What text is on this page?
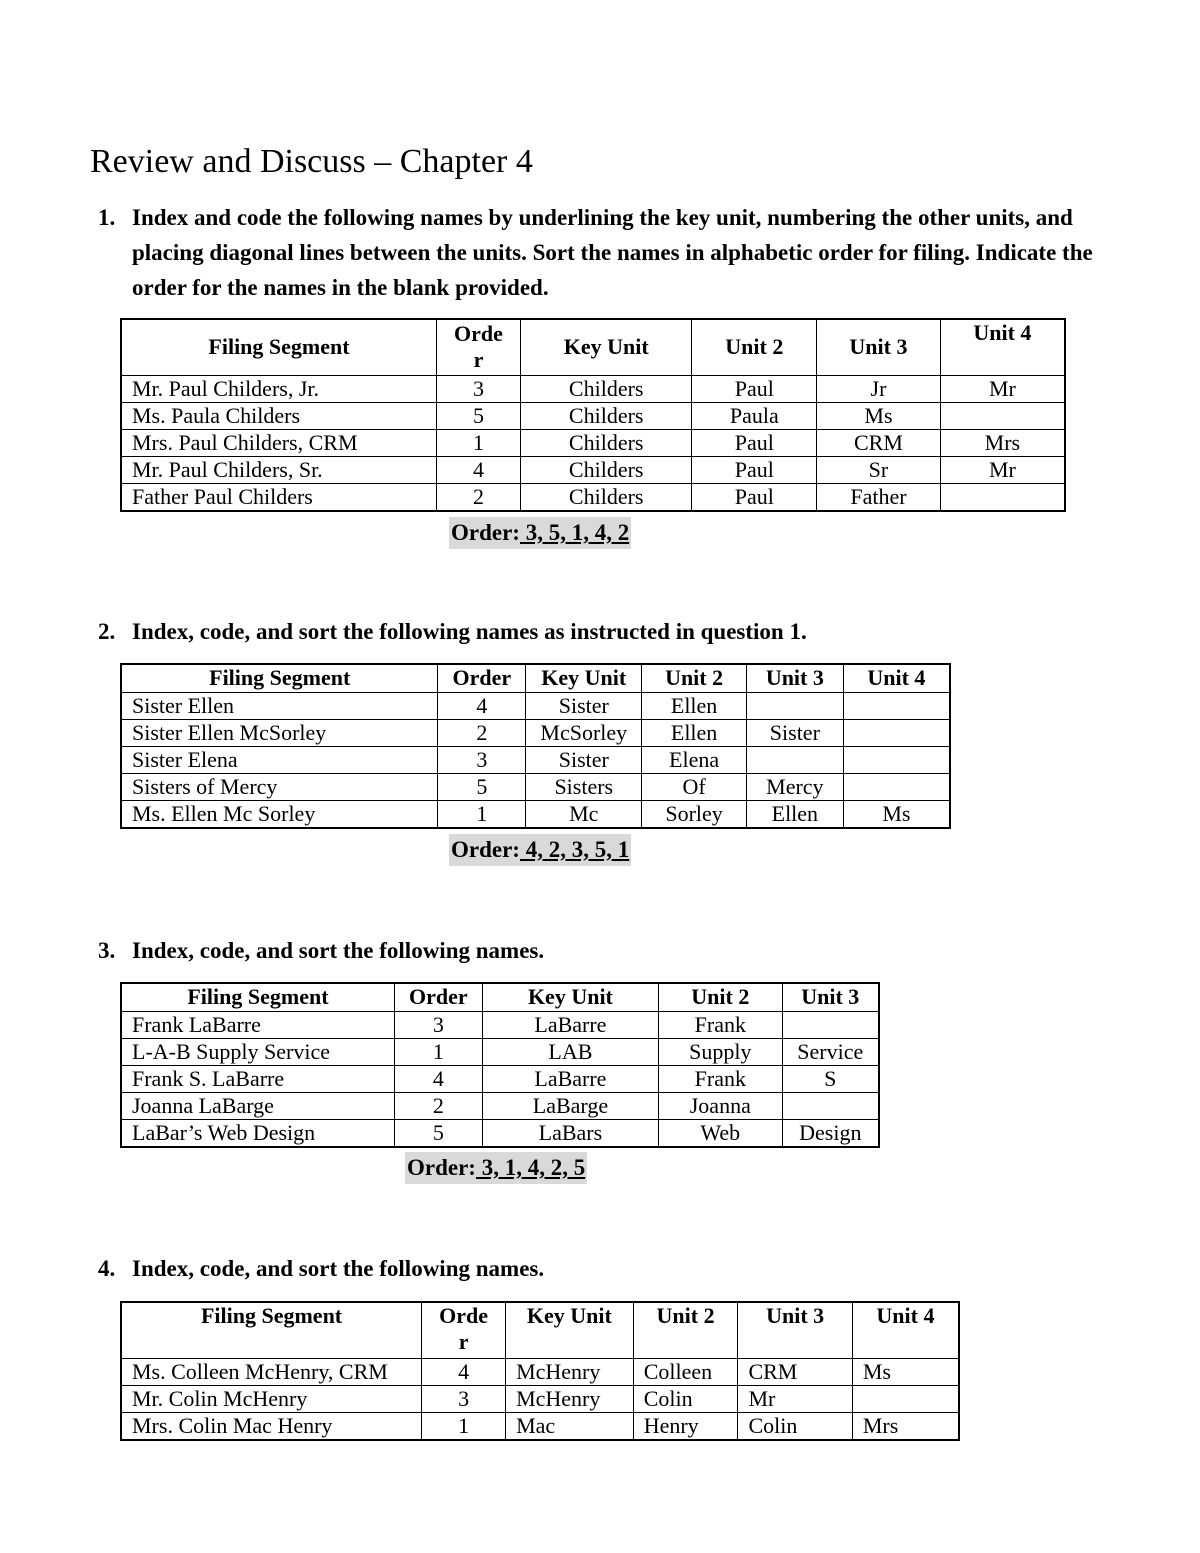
Review and Discuss – Chapter 4
1. Index and code the following names by underlining the key unit, numbering the other units, and placing diagonal lines between the units. Sort the names in alphabetic order for filing. Indicate the order for the names in the blank provided.
Filing Segment	Orde r	Key Unit	Unit 2	Unit 3	Unit 4
Mr. Paul Childers, Jr.	3	Childers	Paul	Jr	Mr
Ms. Paula Childers	5	Childers	Paula	Ms	
Mrs. Paul Childers, CRM	1	Childers	Paul	CRM	Mrs
Mr. Paul Childers, Sr.	4	Childers	Paul	Sr	Mr
Father Paul Childers	2	Childers	Paul	Father	
Order: 3, 5, 1, 4, 2
2. Index, code, and sort the following names as instructed in question 1.
Filing Segment	Order	Key Unit	Unit 2	Unit 3	Unit 4
Sister Ellen	4	Sister	Ellen		
Sister Ellen McSorley	2	McSorley	Ellen	Sister	
Sister Elena	3	Sister	Elena		
Sisters of Mercy	5	Sisters	Of	Mercy	
Ms. Ellen Mc Sorley	1	Mc	Sorley	Ellen	Ms
Order: 4, 2, 3, 5, 1
3. Index, code, and sort the following names.
Filing Segment	Order	Key Unit	Unit 2	Unit 3
Frank LaBarre	3	LaBarre	Frank	
L-A-B Supply Service	1	LAB	Supply	Service
Frank S. LaBarre	4	LaBarre	Frank	S
Joanna LaBarge	2	LaBarge	Joanna	
LaBar’s Web Design	5	LaBars	Web	Design
Order: 3, 1, 4, 2, 5
4. Index, code, and sort the following names.
Filing Segment	Orde r	Key Unit	Unit 2	Unit 3	Unit 4
Ms. Colleen McHenry, CRM	4	McHenry	Colleen	CRM	Ms
Mr. Colin McHenry	3	McHenry	Colin	Mr	
Mrs. Colin Mac Henry	1	Mac	Henry	Colin	Mrs
